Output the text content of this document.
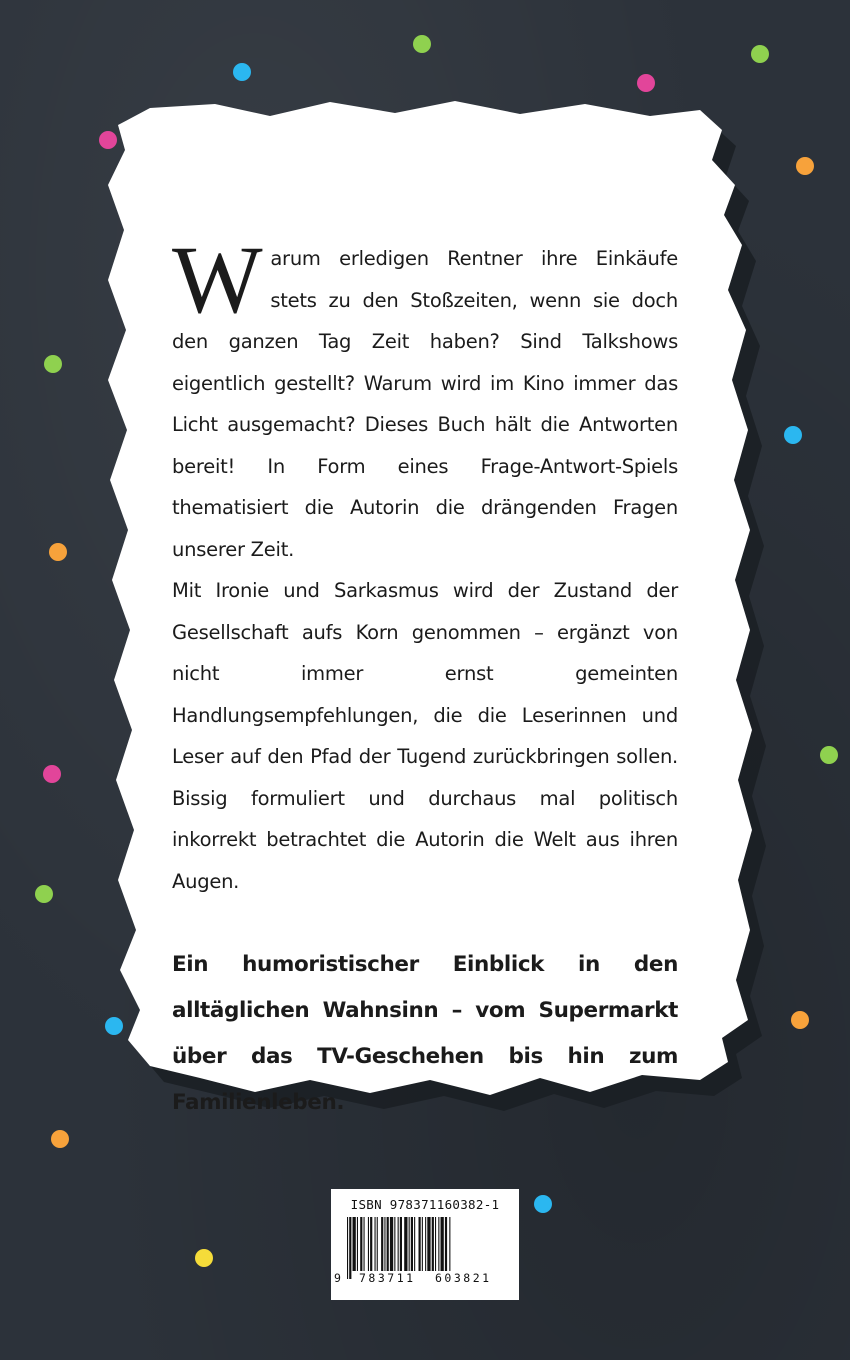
Warum erledigen Rentner ihre Einkäufe stets zu den Stoßzeiten, wenn sie doch den ganzen Tag Zeit haben? Sind Talkshows eigentlich gestellt? Warum wird im Kino immer das Licht ausgemacht? Dieses Buch hält die Antworten bereit! In Form eines Frage-Antwort-Spiels thematisiert die Autorin die drängenden Fragen unserer Zeit.

Mit Ironie und Sarkasmus wird der Zustand der Gesellschaft aufs Korn genommen – ergänzt von nicht immer ernst gemeinten Handlungsempfehlungen, die die Leserinnen und Leser auf den Pfad der Tugend zurückbringen sollen. Bissig formuliert und durchaus mal politisch inkorrekt betrachtet die Autorin die Welt aus ihren Augen.

Ein humoristischer Einblick in den alltäglichen Wahnsinn – vom Supermarkt über das TV-Geschehen bis hin zum Familienleben.

ISBN 978371160382-1
9 783711 603821
